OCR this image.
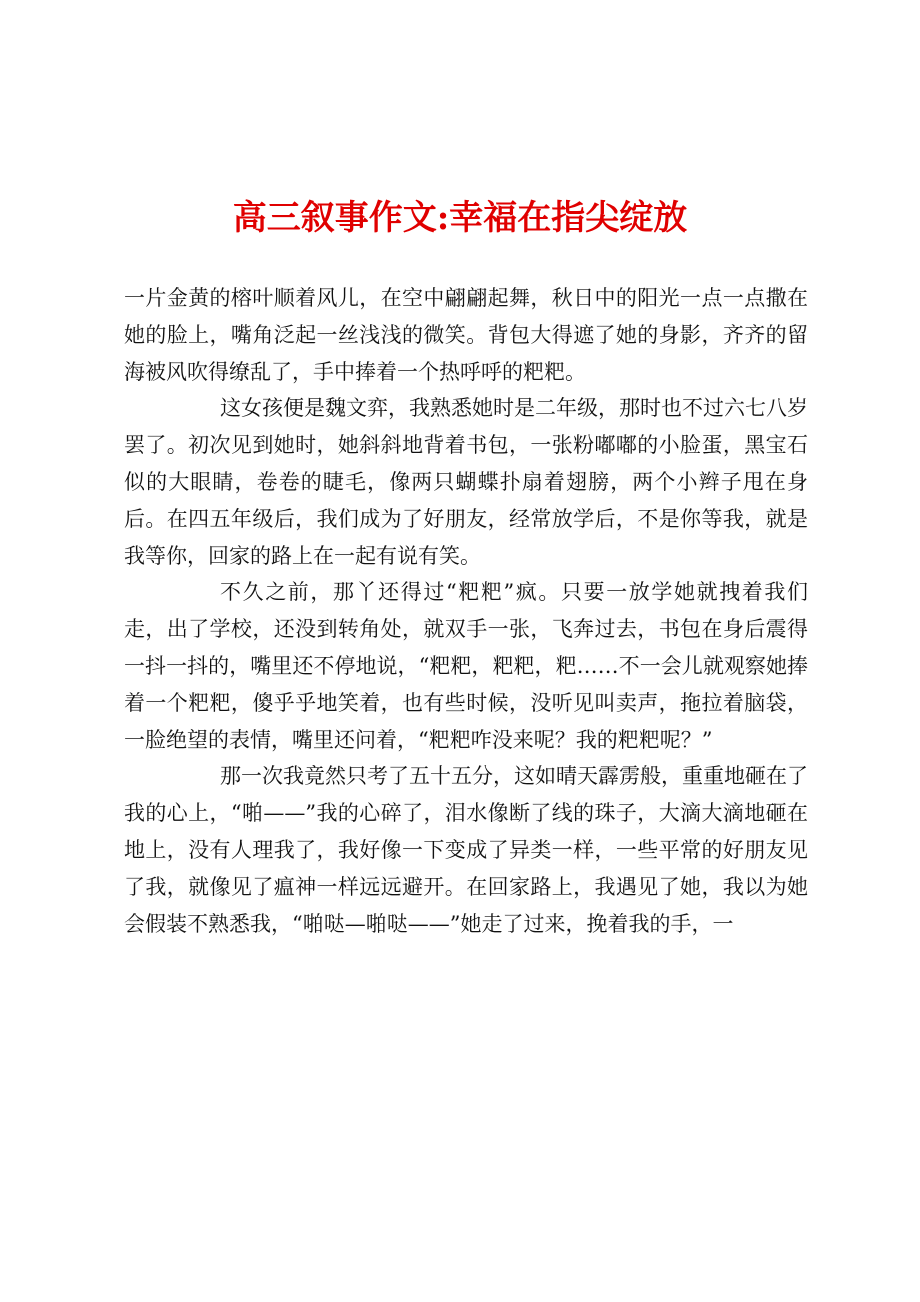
高三叙事作文:幸福在指尖绽放

一片金黄的榕叶顺着风儿，在空中翩翩起舞，秋日中的阳光一点一点撒在她的脸上，嘴角泛起一丝浅浅的微笑。背包大得遮了她的身影，齐齐的留海被风吹得缭乱了，手中捧着一个热呼呼的粑粑。

这女孩便是魏文弈，我熟悉她时是二年级，那时也不过六七八岁罢了。初次见到她时，她斜斜地背着书包，一张粉嘟嘟的小脸蛋，黑宝石似的大眼睛，卷卷的睫毛，像两只蝴蝶扑扇着翅膀，两个小辫子甩在身后。在四五年级后，我们成为了好朋友，经常放学后，不是你等我，就是我等你，回家的路上在一起有说有笑。

不久之前，那丫还得过“粑粑”疯。只要一放学她就拽着我们走，出了学校，还没到转角处，就双手一张，飞奔过去，书包在身后震得一抖一抖的，嘴里还不停地说，“粑粑，粑粑，粑……不一会儿就观察她捧着一个粑粑，傻乎乎地笑着，也有些时候，没听见叫卖声，拖拉着脑袋，一脸绝望的表情，嘴里还问着，“粑粑咋没来呢？我的粑粑呢？”

那一次我竟然只考了五十五分，这如晴天霹雳般，重重地砸在了我的心上，“啪——”我的心碎了，泪水像断了线的珠子，大滴大滴地砸在地上，没有人理我了，我好像一下变成了异类一样，一些平常的好朋友见了我，就像见了瘟神一样远远避开。在回家路上，我遇见了她，我以为她会假装不熟悉我，“啪哒—啪哒——”她走了过来，挽着我的手，一
